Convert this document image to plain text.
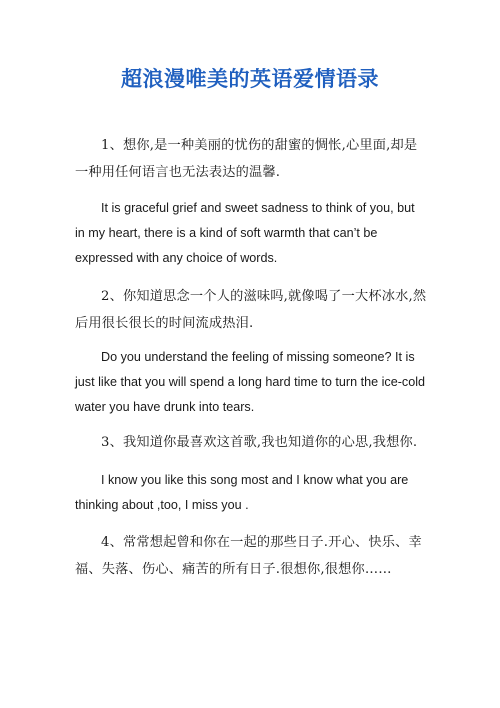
超浪漫唯美的英语爱情语录
1、想你,是一种美丽的忧伤的甜蜜的惆怅,心里面,却是一种用任何语言也无法表达的温馨.
It is graceful grief and sweet sadness to think of you, but in my heart, there is a kind of soft warmth that can’t be expressed with any choice of words.
2、你知道思念一个人的滋味吗,就像喝了一大杯冰水,然后用很长很长的时间流成热泪.
Do you understand the feeling of missing someone? It is just like that you will spend a long hard time to turn the ice-cold water you have drunk into tears.
3、我知道你最喜欢这首歌,我也知道你的心思,我想你.
I know you like this song most and I know what you are thinking about ,too, I miss you .
4、常常想起曾和你在一起的那些日子.开心、快乐、幸福、失落、伤心、痛苦的所有日子.很想你,很想你……
